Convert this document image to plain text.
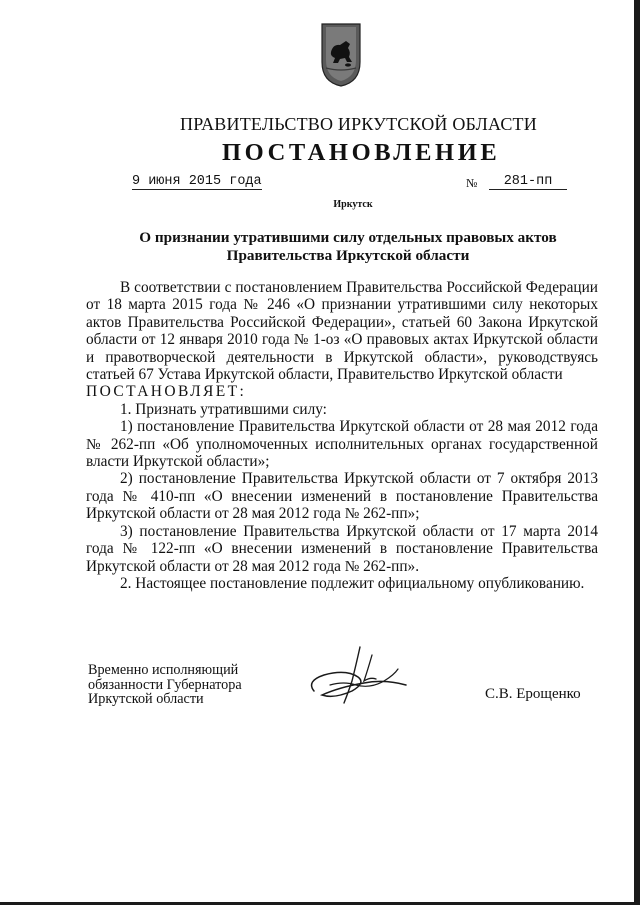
ПРАВИТЕЛЬСТВО ИРКУТСКОЙ ОБЛАСТИ
ПОСТАНОВЛЕНИЕ
9 июня 2015 года	№	281-пп
Иркутск
О признании утратившими силу отдельных правовых актов
Правительства Иркутской области

В соответствии с постановлением Правительства Российской Федерации от 18 марта 2015 года № 246 «О признании утратившими силу некоторых актов Правительства Российской Федерации», статьей 60 Закона Иркутской области от 12 января 2010 года № 1-оз «О правовых актах Иркутской области и правотворческой деятельности в Иркутской области», руководствуясь статьей 67 Устава Иркутской области, Правительство Иркутской области

ПОСТАНОВЛЯЕТ:

1. Признать утратившими силу:

1) постановление Правительства Иркутской области от 28 мая 2012 года № 262-пп «Об уполномоченных исполнительных органах государственной власти Иркутской области»;

2) постановление Правительства Иркутской области от 7 октября 2013 года № 410-пп «О внесении изменений в постановление Правительства Иркутской области от 28 мая 2012 года № 262-пп»;

3) постановление Правительства Иркутской области от 17 марта 2014 года № 122-пп «О внесении изменений в постановление Правительства Иркутской области от 28 мая 2012 года № 262-пп».

2. Настоящее постановление подлежит официальному опубликованию.

Временно исполняющий
обязанности Губернатора
Иркутской области	С.В. Ерощенко
